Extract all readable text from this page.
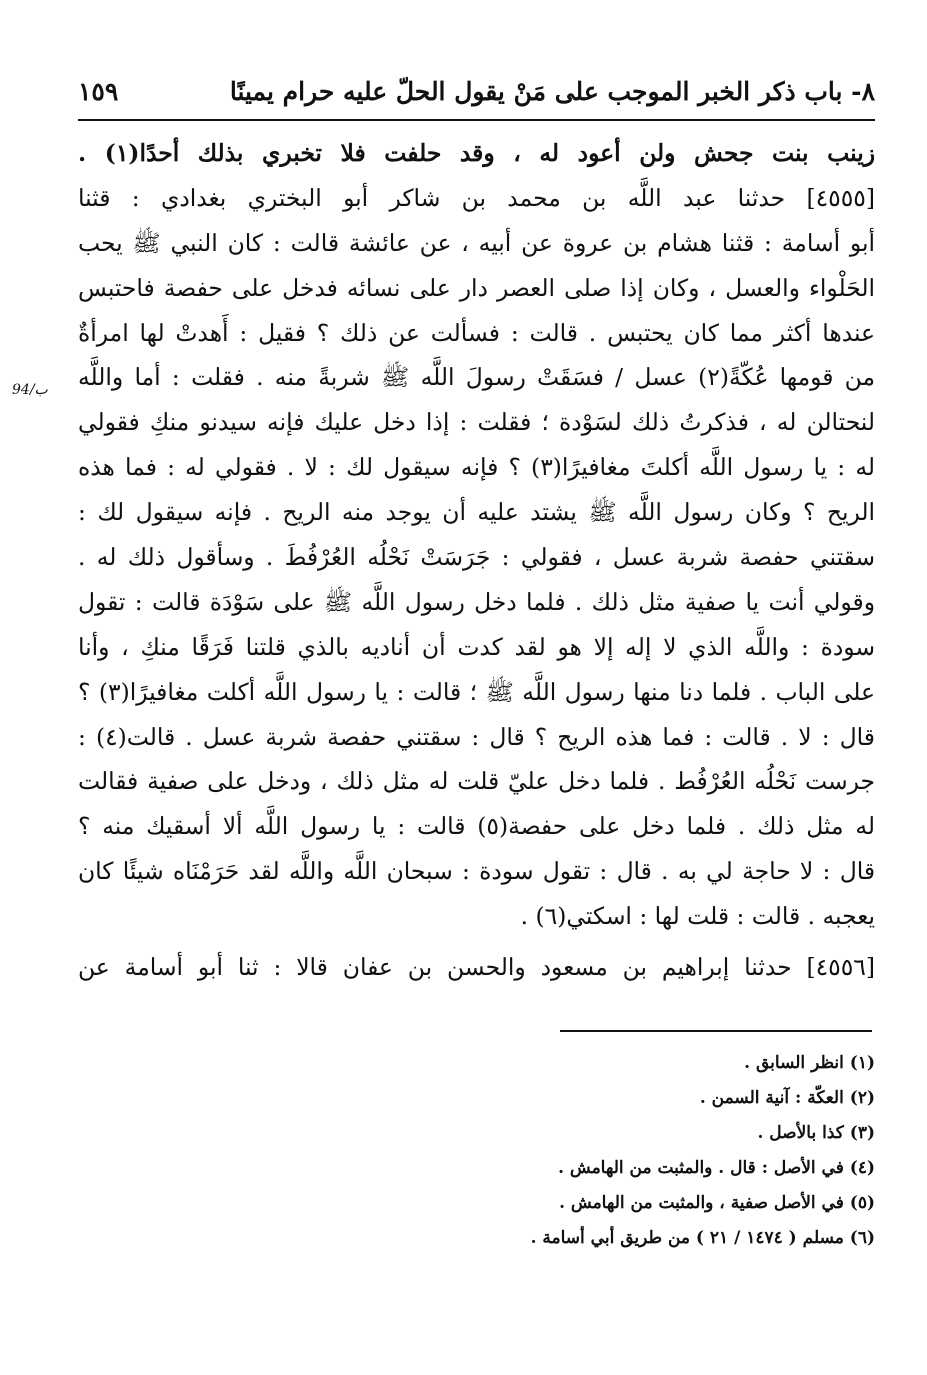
٨- باب ذكر الخبر الموجب على مَنْ يقول الحلّ عليه حرام يمينًا
١٥٩
94/ب
زينب بنت جحش ولن أعود له ، وقد حلفت فلا تخبري بذلك أحدًا(١) .
[٤٥٥٥] حدثنا عبد اللَّه بن محمد بن شاكر أبو البختري بغدادي : قثنا
أبو أسامة : قثنا هشام بن عروة عن أبيه ، عن عائشة قالت : كان النبي ﷺ يحب
الحَلْواء والعسل ، وكان إذا صلى العصر دار على نسائه فدخل على حفصة فاحتبس
عندها أكثر مما كان يحتبس . قالت : فسألت عن ذلك ؟ فقيل : أَهدتْ لها امرأةٌ
من قومها عُكّةً(٢) عسل / فسَقَتْ رسولَ اللَّه ﷺ شربةً منه . فقلت : أما واللَّه
لنحتالن له ، فذكرتُ ذلك لسَوْدة ؛ فقلت : إذا دخل عليك فإنه سيدنو منكِ فقولي
له : يا رسول اللَّه أكلتَ مغافيرًا(٣) ؟ فإنه سيقول لك : لا . فقولي له : فما هذه
الريح ؟ وكان رسول اللَّه ﷺ يشتد عليه أن يوجد منه الريح . فإنه سيقول لك :
سقتني حفصة شربة عسل ، فقولي : جَرَسَتْ نَحْلُه العُرْفُطَ . وسأقول ذلك له .
وقولي أنت يا صفية مثل ذلك . فلما دخل رسول اللَّه ﷺ على سَوْدَة قالت : تقول
سودة : واللَّه الذي لا إله إلا هو لقد كدت أن أناديه بالذي قلتنا فَرَقًا منكِ ، وأنا
على الباب . فلما دنا منها رسول اللَّه ﷺ ؛ قالت : يا رسول اللَّه أكلت مغافيرًا(٣) ؟
قال : لا . قالت : فما هذه الريح ؟ قال : سقتني حفصة شربة عسل . قالت(٤) :
جرست نَحْلُه العُرْفُط . فلما دخل عليّ قلت له مثل ذلك ، ودخل على صفية فقالت
له مثل ذلك . فلما دخل على حفصة(٥) قالت : يا رسول اللَّه ألا أسقيك منه ؟
قال : لا حاجة لي به . قال : تقول سودة : سبحان اللَّه واللَّه لقد حَرَمْنَاه شيئًا كان
يعجبه . قالت : قلت لها : اسكتي(٦) .
[٤٥٥٦] حدثنا إبراهيم بن مسعود والحسن بن عفان قالا : ثنا أبو أسامة عن
(١) انظر السابق .
(٢) العكّة : آنية السمن .
(٣) كذا بالأصل .
(٤) في الأصل : قال . والمثبت من الهامش .
(٥) في الأصل صفية ، والمثبت من الهامش .
(٦) مسلم ( ١٤٧٤ / ٢١ ) من طريق أبي أسامة .
